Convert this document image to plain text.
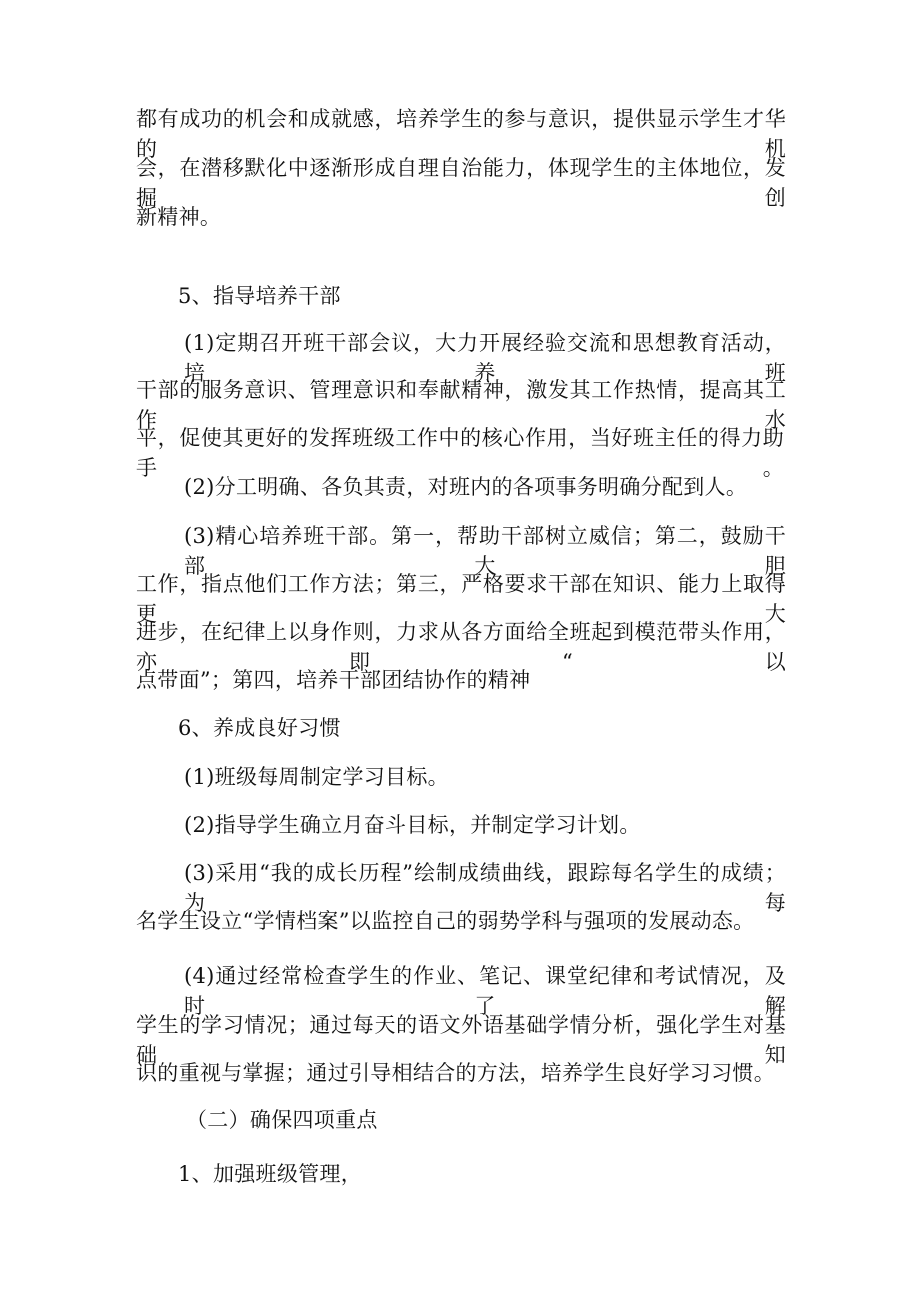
都有成功的机会和成就感，培养学生的参与意识，提供显示学生才华的机

会，在潜移默化中逐渐形成自理自治能力，体现学生的主体地位，发掘创

新精神。

5、指导培养干部

(1)定期召开班干部会议，大力开展经验交流和思想教育活动，培养班

干部的服务意识、管理意识和奉献精神，激发其工作热情，提高其工作水

平，促使其更好的发挥班级工作中的核心作用，当好班主任的得力助手。

(2)分工明确、各负其责，对班内的各项事务明确分配到人。

(3)精心培养班干部。第一，帮助干部树立威信；第二，鼓励干部大胆

工作，指点他们工作方法；第三，严格要求干部在知识、能力上取得更大

进步，在纪律上以身作则，力求从各方面给全班起到模范带头作用，亦即“以

点带面”；第四，培养干部团结协作的精神

6、养成良好习惯

(1)班级每周制定学习目标。

(2)指导学生确立月奋斗目标，并制定学习计划。

(3)采用“我的成长历程”绘制成绩曲线，跟踪每名学生的成绩；为每

名学生设立“学情档案”以监控自己的弱势学科与强项的发展动态。

(4)通过经常检查学生的作业、笔记、课堂纪律和考试情况，及时了解

学生的学习情况；通过每天的语文外语基础学情分析，强化学生对基础知

识的重视与掌握；通过引导相结合的方法，培养学生良好学习习惯。

（二）确保四项重点

1、加强班级管理，
